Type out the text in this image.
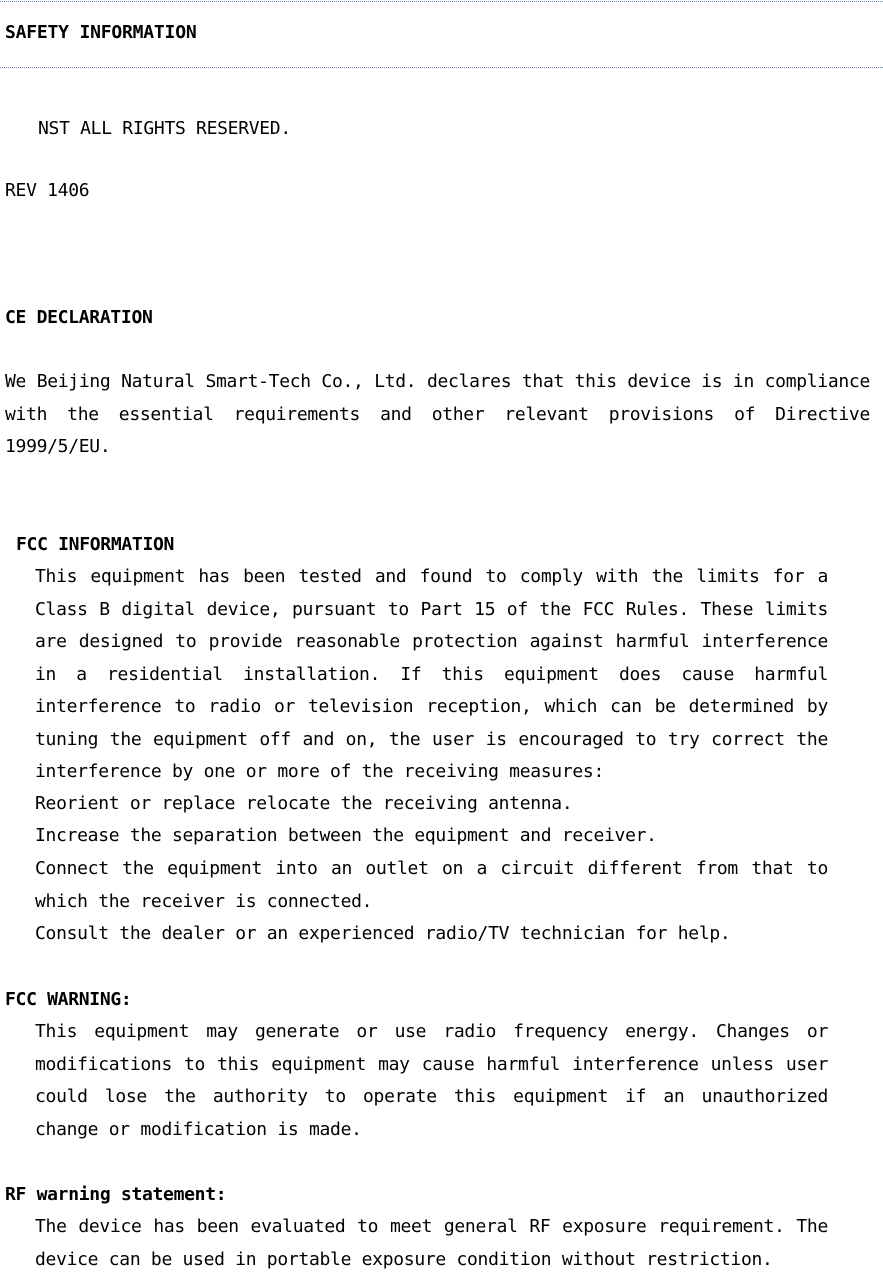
SAFETY INFORMATION
NST ALL RIGHTS RESERVED.
REV 1406
CE DECLARATION
We Beijing Natural Smart-Tech Co., Ltd. declares that this device is in compliance with the essential requirements and other relevant provisions of Directive 1999/5/EU.
FCC INFORMATION
This equipment has been tested and found to comply with the limits for a Class B digital device, pursuant to Part 15 of the FCC Rules. These limits are designed to provide reasonable protection against harmful interference in a residential installation. If this equipment does cause harmful interference to radio or television reception, which can be determined by tuning the equipment off and on, the user is encouraged to try correct the interference by one or more of the receiving measures:
Reorient or replace relocate the receiving antenna.
Increase the separation between the equipment and receiver.
Connect the equipment into an outlet on a circuit different from that to which the receiver is connected.
Consult the dealer or an experienced radio/TV technician for help.
FCC WARNING:
This equipment may generate or use radio frequency energy. Changes or modifications to this equipment may cause harmful interference unless user could lose the authority to operate this equipment if an unauthorized change or modification is made.
RF warning statement:
The device has been evaluated to meet general RF exposure requirement. The device can be used in portable exposure condition without restriction.
